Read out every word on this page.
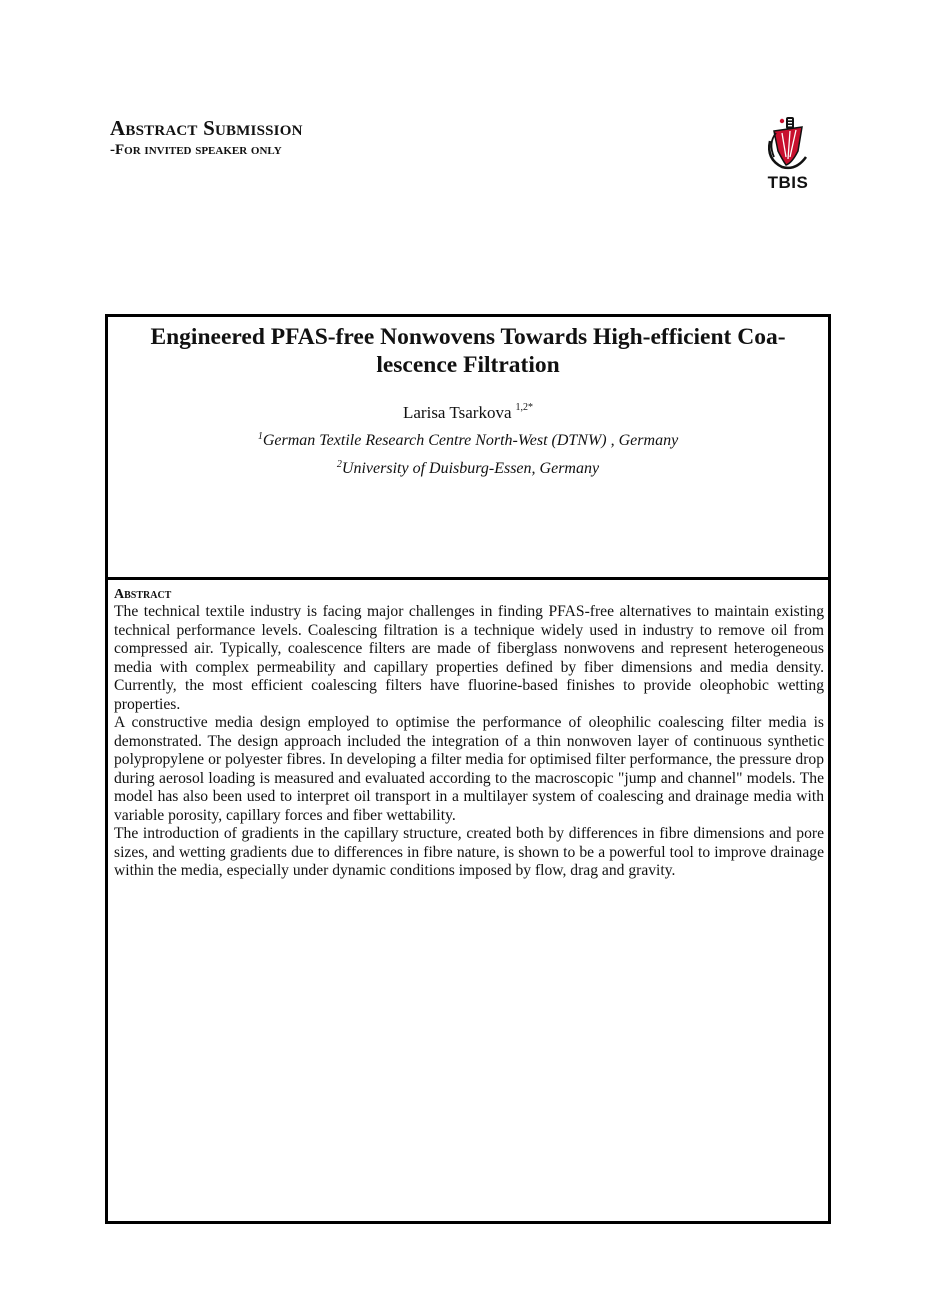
Abstract Submission
-For invited speaker only
TBIS
Engineered PFAS-free Nonwovens Towards High-efficient Coa-lescence Filtration
Larisa Tsarkova $^{1,2*}$
$^1$German Textile Research Centre North-West (DTNW) , Germany
$^2$University of Duisburg-Essen, Germany
Abstract

The technical textile industry is facing major challenges in finding PFAS-free alternatives to maintain existing technical performance levels. Coalescing filtration is a technique widely used in industry to remove oil from compressed air. Typically, coalescence filters are made of fiberglass nonwovens and represent heterogeneous media with complex permeability and capillary properties defined by fiber dimensions and media density. Currently, the most efficient coalescing filters have fluorine-based finishes to provide oleophobic wetting properties.

A constructive media design employed to optimise the performance of oleophilic coalescing filter media is demonstrated. The design approach included the integration of a thin nonwoven layer of continuous synthetic polypropylene or polyester fibres. In developing a filter media for optimised filter performance, the pressure drop during aerosol loading is measured and evaluated according to the macroscopic "jump and channel" models. The model has also been used to interpret oil transport in a multilayer system of coalescing and drainage media with variable porosity, capillary forces and fiber wettability.

The introduction of gradients in the capillary structure, created both by differences in fibre dimensions and pore sizes, and wetting gradients due to differences in fibre nature, is shown to be a powerful tool to improve drainage within the media, especially under dynamic conditions imposed by flow, drag and gravity.
